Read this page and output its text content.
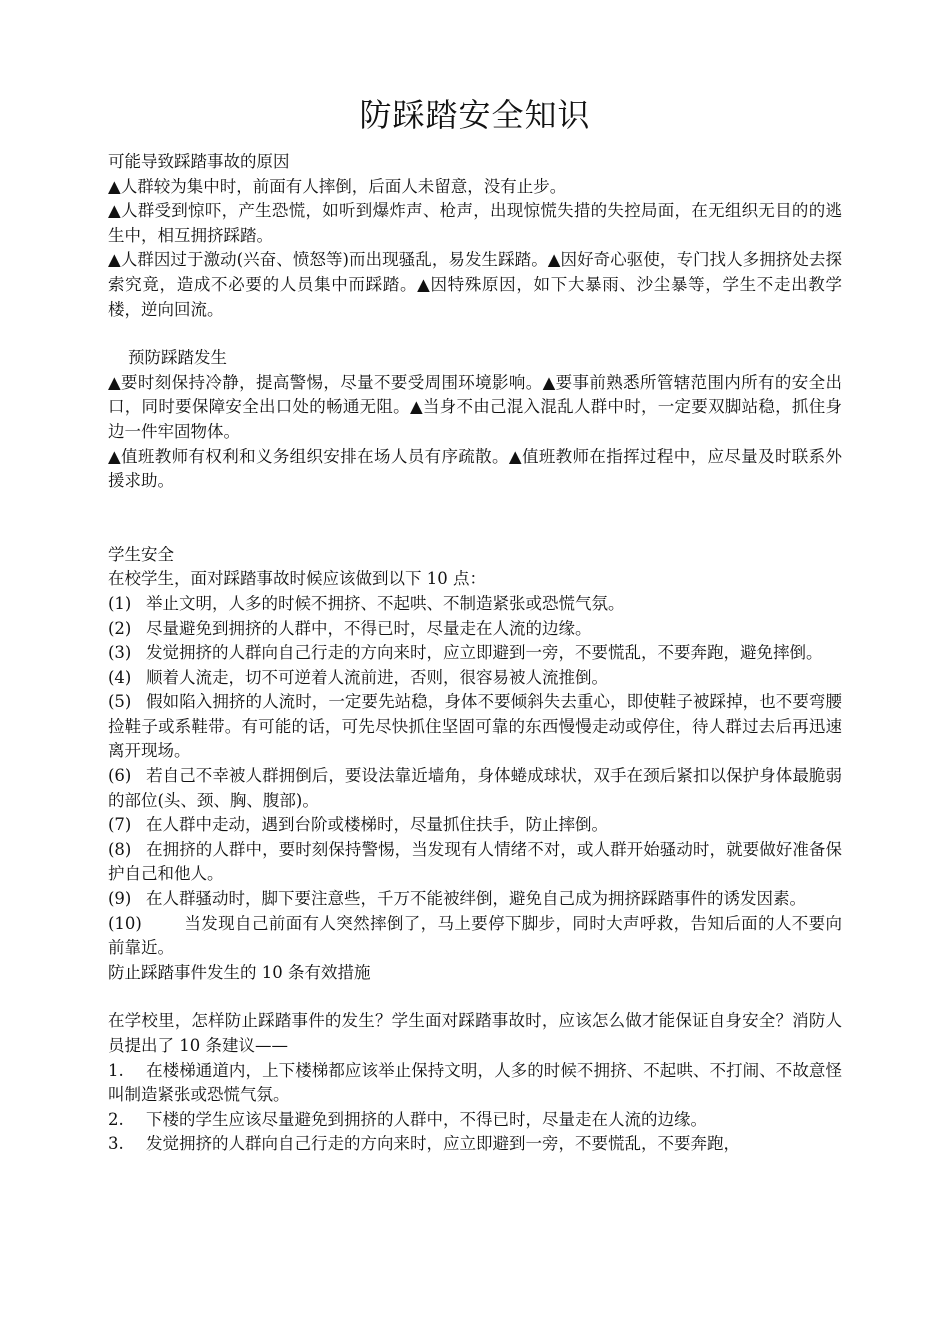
防踩踏安全知识

可能导致踩踏事故的原因

▲人群较为集中时，前面有人摔倒，后面人未留意，没有止步。

▲人群受到惊吓，产生恐慌，如听到爆炸声、枪声，出现惊慌失措的失控局面，在无组织无目的的逃生中，相互拥挤踩踏。

▲人群因过于激动(兴奋、愤怒等)而出现骚乱，易发生踩踏。▲因好奇心驱使，专门找人多拥挤处去探索究竟，造成不必要的人员集中而踩踏。▲因特殊原因，如下大暴雨、沙尘暴等，学生不走出教学楼，逆向回流。

预防踩踏发生

▲要时刻保持冷静，提高警惕，尽量不要受周围环境影响。▲要事前熟悉所管辖范围内所有的安全出口，同时要保障安全出口处的畅通无阻。▲当身不由己混入混乱人群中时，一定要双脚站稳，抓住身边一件牢固物体。

▲值班教师有权利和义务组织安排在场人员有序疏散。▲值班教师在指挥过程中，应尽量及时联系外援求助。

学生安全

在校学生，面对踩踏事故时候应该做到以下 10 点：

(1) 举止文明，人多的时候不拥挤、不起哄、不制造紧张或恐慌气氛。

(2) 尽量避免到拥挤的人群中，不得已时，尽量走在人流的边缘。

(3) 发觉拥挤的人群向自己行走的方向来时，应立即避到一旁，不要慌乱，不要奔跑，避免摔倒。

(4) 顺着人流走，切不可逆着人流前进，否则，很容易被人流推倒。

(5) 假如陷入拥挤的人流时，一定要先站稳，身体不要倾斜失去重心，即使鞋子被踩掉，也不要弯腰捡鞋子或系鞋带。有可能的话，可先尽快抓住坚固可靠的东西慢慢走动或停住，待人群过去后再迅速离开现场。

(6) 若自己不幸被人群拥倒后，要设法靠近墙角，身体蜷成球状，双手在颈后紧扣以保护身体最脆弱的部位(头、颈、胸、腹部)。

(7) 在人群中走动，遇到台阶或楼梯时，尽量抓住扶手，防止摔倒。

(8) 在拥挤的人群中，要时刻保持警惕，当发现有人情绪不对，或人群开始骚动时，就要做好准备保护自己和他人。

(9) 在人群骚动时，脚下要注意些，千万不能被绊倒，避免自己成为拥挤踩踏事件的诱发因素。

(10)	当发现自己前面有人突然摔倒了，马上要停下脚步，同时大声呼救，告知后面的人不要向前靠近。

防止踩踏事件发生的 10 条有效措施

在学校里，怎样防止踩踏事件的发生？学生面对踩踏事故时，应该怎么做才能保证自身安全？消防人员提出了 10 条建议——

1. 在楼梯通道内，上下楼梯都应该举止保持文明，人多的时候不拥挤、不起哄、不打闹、不故意怪叫制造紧张或恐慌气氛。

2. 下楼的学生应该尽量避免到拥挤的人群中，不得已时，尽量走在人流的边缘。

3. 发觉拥挤的人群向自己行走的方向来时，应立即避到一旁，不要慌乱，不要奔跑，
